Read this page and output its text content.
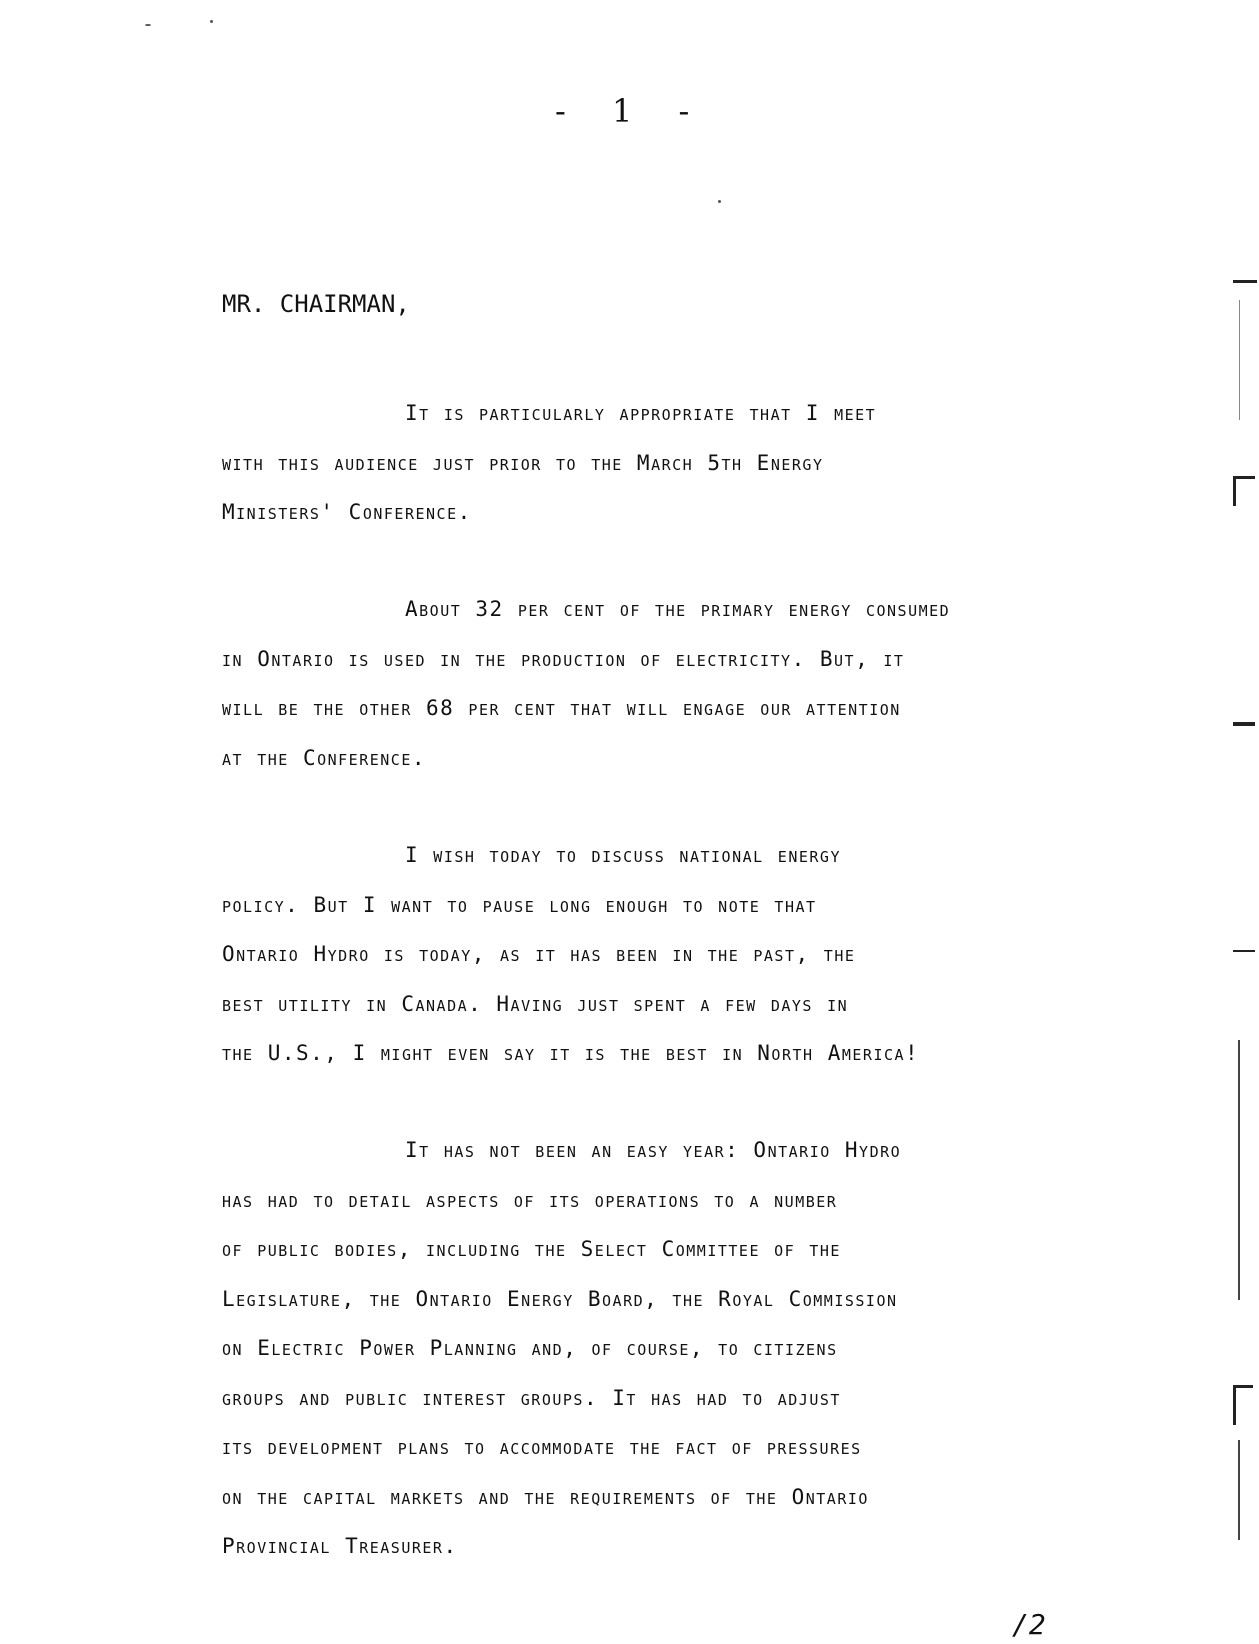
- 1 -
MR. CHAIRMAN,
It is particularly appropriate that I meet
with this audience just prior to the March 5th Energy
Ministers' Conference.
About 32 per cent of the primary energy consumed
in Ontario is used in the production of electricity. But, it
will be the other 68 per cent that will engage our attention
at the Conference.
I wish today to discuss national energy
policy. But I want to pause long enough to note that
Ontario Hydro is today, as it has been in the past, the
best utility in Canada. Having just spent a few days in
the U.S., I might even say it is the best in North America!
It has not been an easy year: Ontario Hydro
has had to detail aspects of its operations to a number
of public bodies, including the Select Committee of the
Legislature, the Ontario Energy Board, the Royal Commission
on Electric Power Planning and, of course, to citizens
groups and public interest groups. It has had to adjust
its development plans to accommodate the fact of pressures
on the capital markets and the requirements of the Ontario
Provincial Treasurer.
/2
